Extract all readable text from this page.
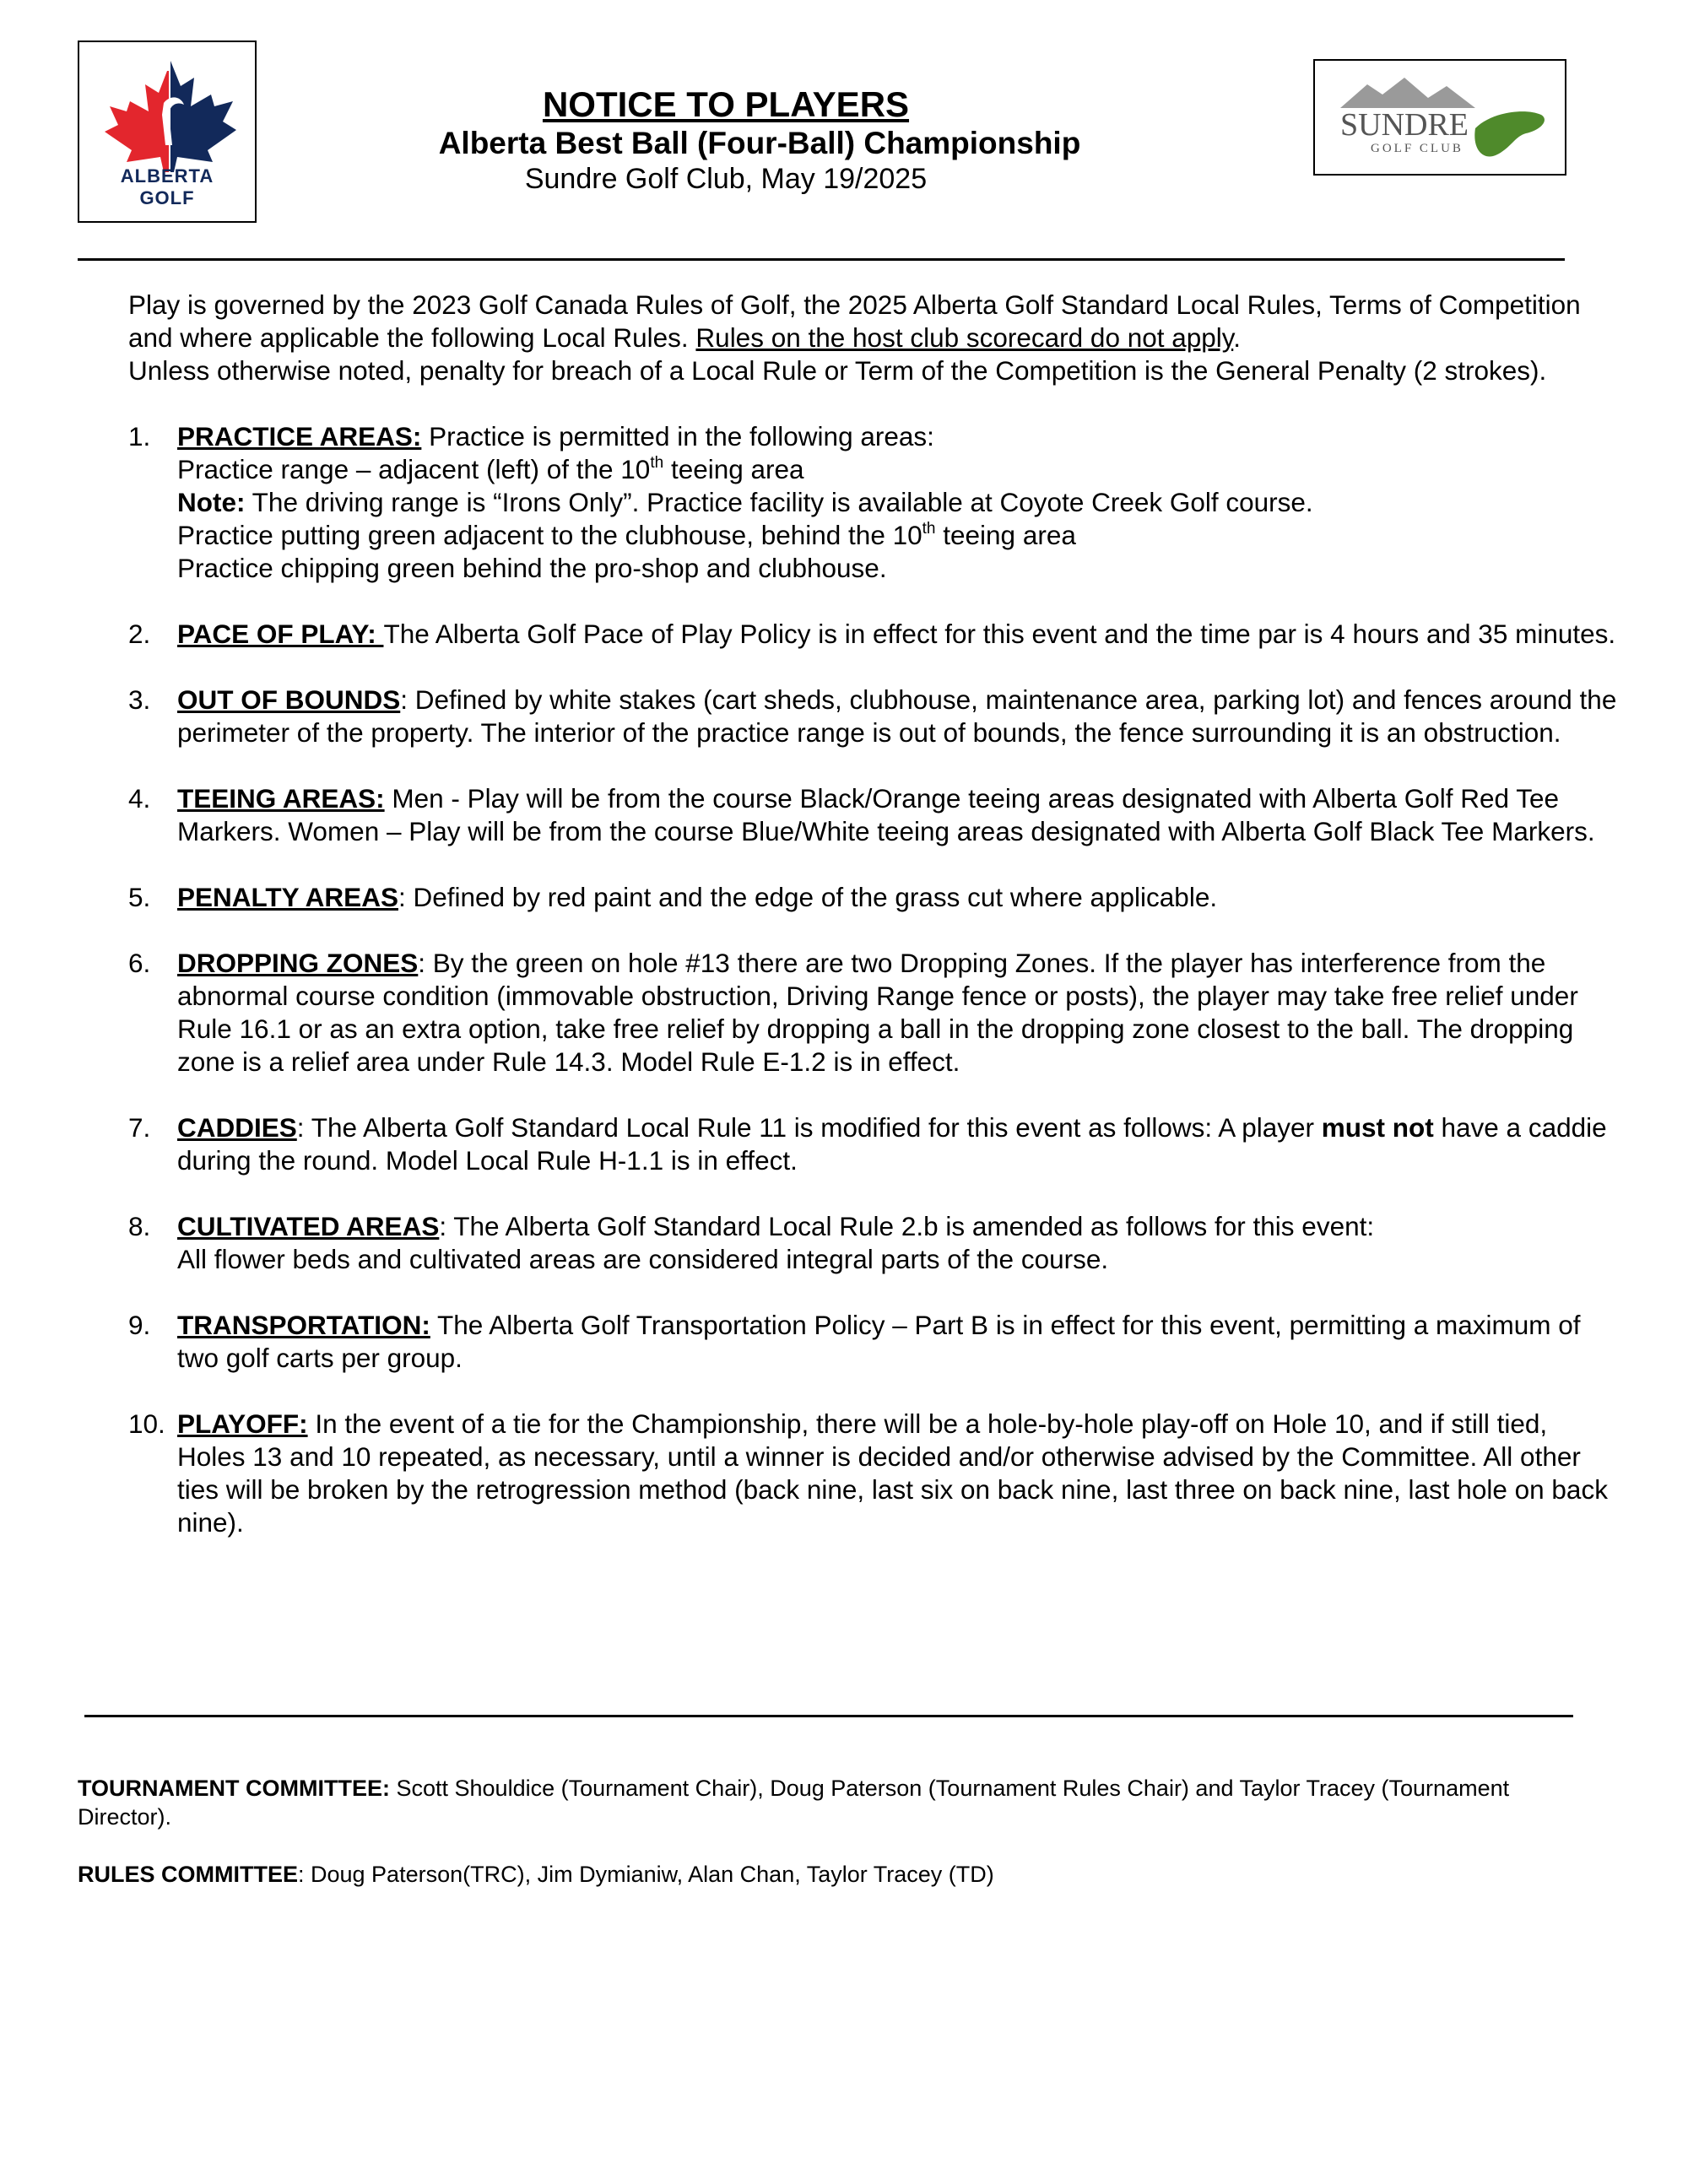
ALBERTA
GOLF

NOTICE TO PLAYERS

Alberta Best Ball (Four-Ball) Championship

Sundre Golf Club, May 19/2025

SUNDRE
GOLF CLUB

Play is governed by the 2023 Golf Canada Rules of Golf, the 2025 Alberta Golf Standard Local Rules, Terms of Competition and where applicable the following Local Rules. Rules on the host club scorecard do not apply.

Unless otherwise noted, penalty for breach of a Local Rule or Term of the Competition is the General Penalty (2 strokes).

1. PRACTICE AREAS: Practice is permitted in the following areas:
Practice range – adjacent (left) of the 10th teeing area
Note: The driving range is “Irons Only”. Practice facility is available at Coyote Creek Golf course.
Practice putting green adjacent to the clubhouse, behind the 10th teeing area
Practice chipping green behind the pro-shop and clubhouse.
2. PACE OF PLAY: The Alberta Golf Pace of Play Policy is in effect for this event and the time par is 4 hours and 35 minutes.
3. OUT OF BOUNDS: Defined by white stakes (cart sheds, clubhouse, maintenance area, parking lot) and fences around the perimeter of the property. The interior of the practice range is out of bounds, the fence surrounding it is an obstruction.
4. TEEING AREAS: Men - Play will be from the course Black/Orange teeing areas designated with Alberta Golf Red Tee Markers. Women – Play will be from the course Blue/White teeing areas designated with Alberta Golf Black Tee Markers.
5. PENALTY AREAS: Defined by red paint and the edge of the grass cut where applicable.
6. DROPPING ZONES: By the green on hole #13 there are two Dropping Zones. If the player has interference from the abnormal course condition (immovable obstruction, Driving Range fence or posts), the player may take free relief under Rule 16.1 or as an extra option, take free relief by dropping a ball in the dropping zone closest to the ball. The dropping zone is a relief area under Rule 14.3. Model Rule E-1.2 is in effect.
7. CADDIES: The Alberta Golf Standard Local Rule 11 is modified for this event as follows: A player must not have a caddie during the round. Model Local Rule H-1.1 is in effect.
8. CULTIVATED AREAS: The Alberta Golf Standard Local Rule 2.b is amended as follows for this event:
All flower beds and cultivated areas are considered integral parts of the course.
9. TRANSPORTATION: The Alberta Golf Transportation Policy – Part B is in effect for this event, permitting a maximum of two golf carts per group.
10. PLAYOFF: In the event of a tie for the Championship, there will be a hole-by-hole play-off on Hole 10, and if still tied, Holes 13 and 10 repeated, as necessary, until a winner is decided and/or otherwise advised by the Committee. All other ties will be broken by the retrogression method (back nine, last six on back nine, last three on back nine, last hole on back nine).

TOURNAMENT COMMITTEE: Scott Shouldice (Tournament Chair), Doug Paterson (Tournament Rules Chair) and Taylor Tracey (Tournament Director).

RULES COMMITTEE: Doug Paterson(TRC), Jim Dymianiw, Alan Chan, Taylor Tracey (TD)
